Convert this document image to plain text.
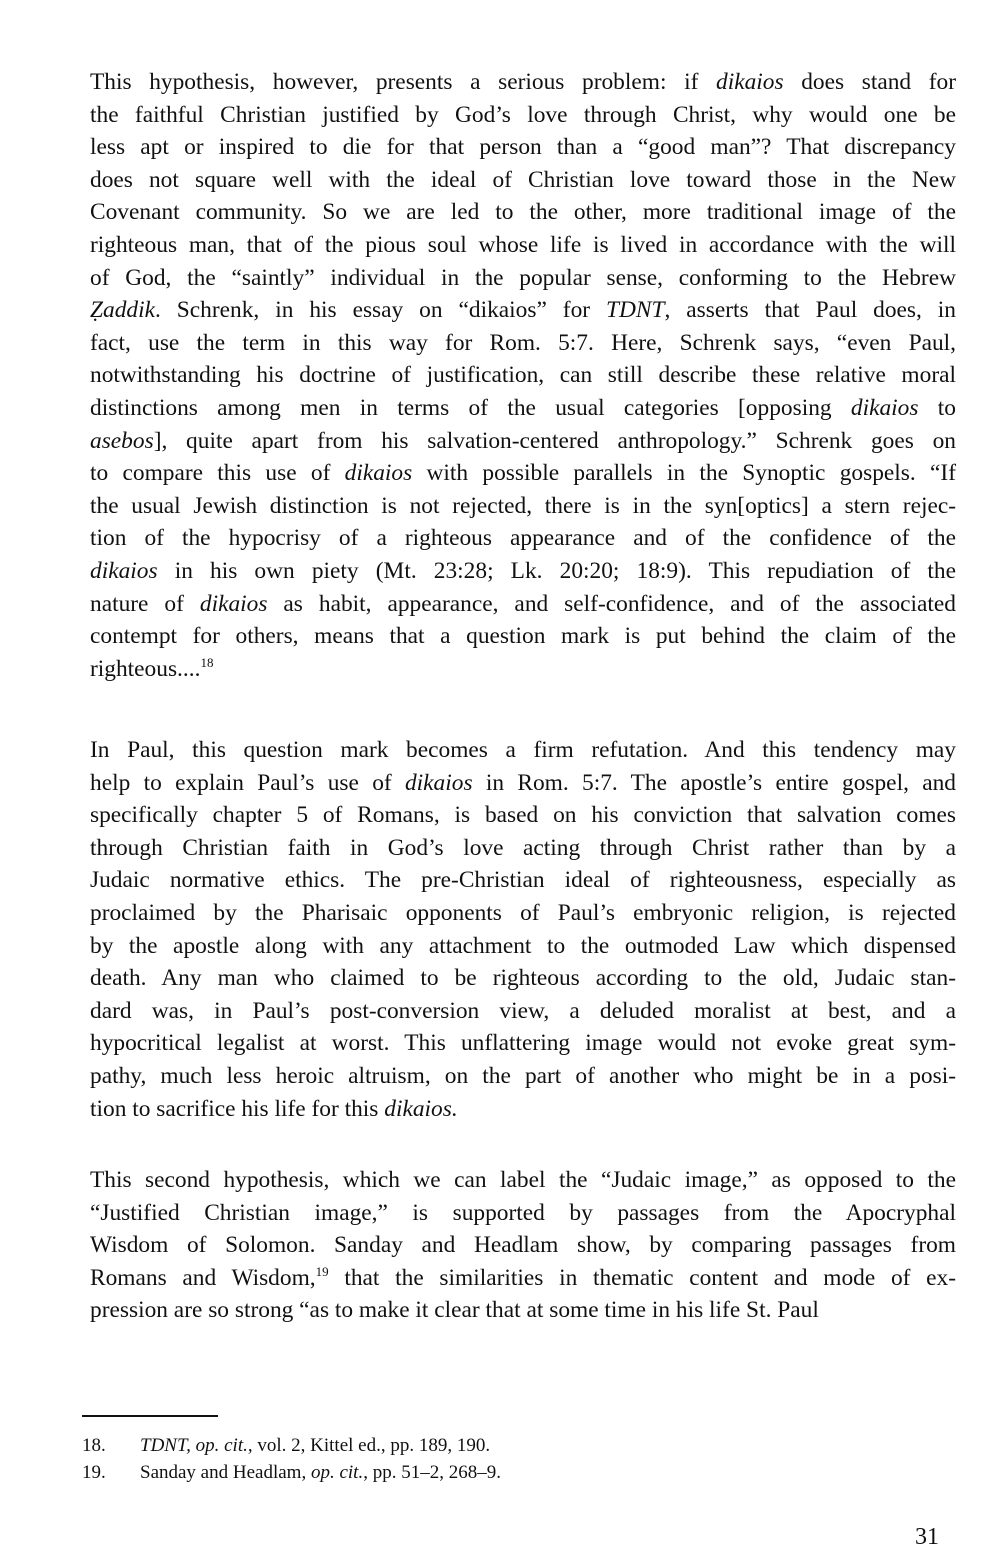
This hypothesis, however, presents a serious problem: if dikaios does stand for
the faithful Christian justified by God’s love through Christ, why would one be
less apt or inspired to die for that person than a “good man”? That discrepancy
does not square well with the ideal of Christian love toward those in the New
Covenant community. So we are led to the other, more traditional image of the
righteous man, that of the pious soul whose life is lived in accordance with the will
of God, the “saintly” individual in the popular sense, conforming to the Hebrew
Ẓaddik. Schrenk, in his essay on “dikaios” for TDNT, asserts that Paul does, in
fact, use the term in this way for Rom. 5:7. Here, Schrenk says, “even Paul,
notwithstanding his doctrine of justification, can still describe these relative moral
distinctions among men in terms of the usual categories [opposing dikaios to
asebos], quite apart from his salvation-centered anthropology.” Schrenk goes on
to compare this use of dikaios with possible parallels in the Synoptic gospels. “If
the usual Jewish distinction is not rejected, there is in the syn[optics] a stern rejec-
tion of the hypocrisy of a righteous appearance and of the confidence of the
dikaios in his own piety (Mt. 23:28; Lk. 20:20; 18:9). This repudiation of the
nature of dikaios as habit, appearance, and self-confidence, and of the associated
contempt for others, means that a question mark is put behind the claim of the
righteous....$^{18}$
In Paul, this question mark becomes a firm refutation. And this tendency may
help to explain Paul’s use of dikaios in Rom. 5:7. The apostle’s entire gospel, and
specifically chapter 5 of Romans, is based on his conviction that salvation comes
through Christian faith in God’s love acting through Christ rather than by a
Judaic normative ethics. The pre-Christian ideal of righteousness, especially as
proclaimed by the Pharisaic opponents of Paul’s embryonic religion, is rejected
by the apostle along with any attachment to the outmoded Law which dispensed
death. Any man who claimed to be righteous according to the old, Judaic stan-
dard was, in Paul’s post-conversion view, a deluded moralist at best, and a
hypocritical legalist at worst. This unflattering image would not evoke great sym-
pathy, much less heroic altruism, on the part of another who might be in a posi-
tion to sacrifice his life for this dikaios.
This second hypothesis, which we can label the “Judaic image,” as opposed to the
“Justified Christian image,” is supported by passages from the Apocryphal
Wisdom of Solomon. Sanday and Headlam show, by comparing passages from
Romans and Wisdom,$^{19}$ that the similarities in thematic content and mode of ex-
pression are so strong “as to make it clear that at some time in his life St. Paul
18. TDNT, op. cit., vol. 2, Kittel ed., pp. 189, 190.
19. Sanday and Headlam, op. cit., pp. 51–2, 268–9.
31
